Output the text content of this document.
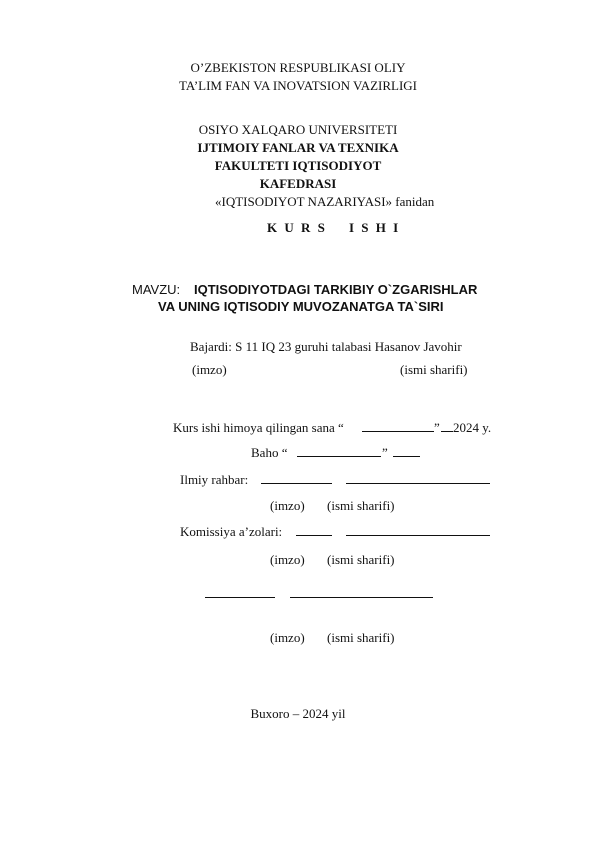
O’ZBEKISTON RESPUBLIKASI OLIY
TA’LIM FAN VA INOVATSION VAZIRLIGI
OSIYO XALQARO UNIVERSITETI
IJTIMOIY FANLAR VA TEXNIKA
FAKULTETI IQTISODIYOT
KAFEDRASI
«IQTISODIYOT NAZARIYASI» fanidan
K U R S I S H I
MAVZU: IQTISODIYOTDAGI TARKIBIY O`ZGARISHLAR
VA UNING IQTISODIY MUVOZANATGA TA`SIRI
Bajardi: S 11 IQ 23 guruhi talabasi Hasanov Javohir
(imzo)	(ismi sharifi)
Kurs ishi himoya qilingan sana “	” 2024 y.
Baho “	”
Ilmiy rahbar:
(imzo) (ismi sharifi)
Komissiya a’zolari:
(imzo) (ismi sharifi)
(imzo) (ismi sharifi)
Buxoro – 2024 yil
